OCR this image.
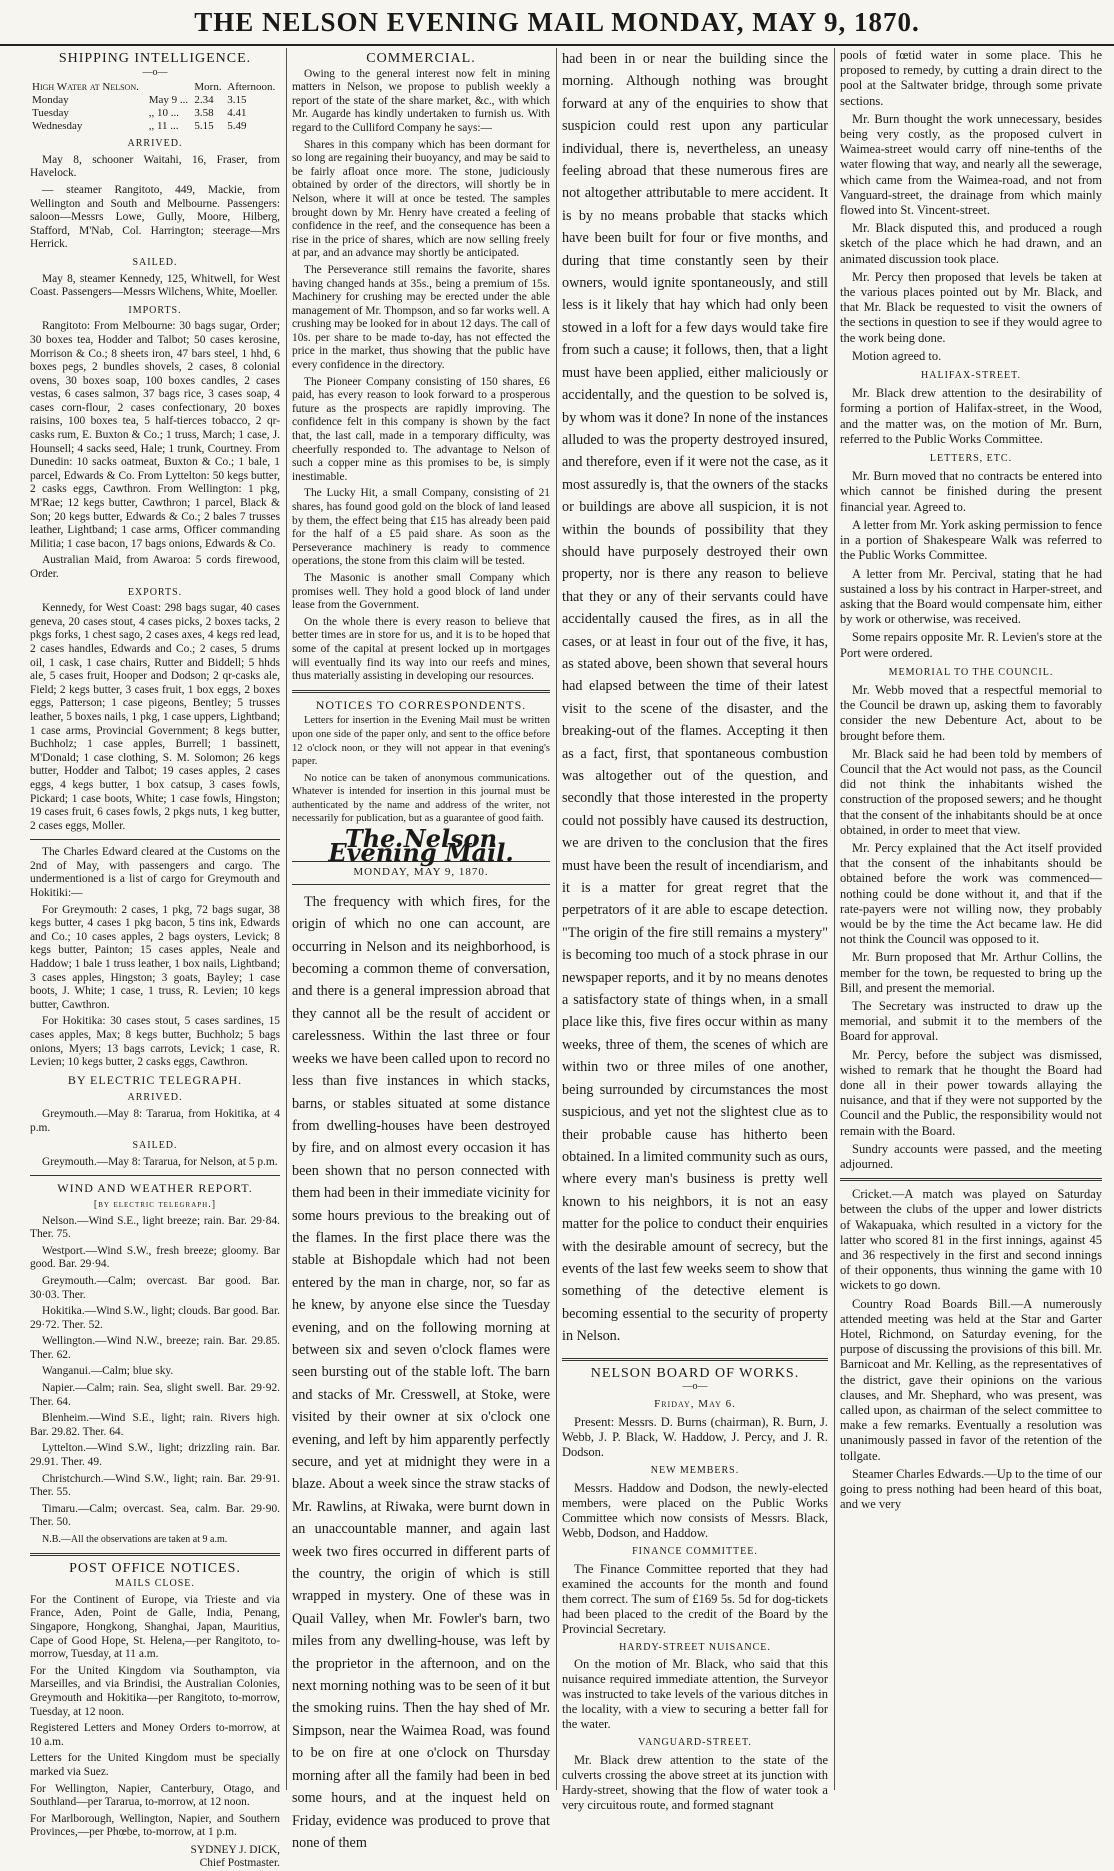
THE NELSON EVENING MAIL MONDAY, MAY 9, 1870.
SHIPPING INTELLIGENCE.
—o—
High Water at Nelson.		Morn.	Afternoon.
Monday	May 9 ...	2.34	3.15
Tuesday	,, 10 ...	3.58	4.41
Wednesday	,, 11 ...	5.15	5.49
ARRIVED.

May 8, schooner Waitahi, 16, Fraser, from Havelock.

— steamer Rangitoto, 449, Mackie, from Wellington and South and Melbourne. Passengers: saloon—Messrs Lowe, Gully, Moore, Hilberg, Stafford, M'Nab, Col. Harrington; steerage—Mrs Herrick.

SAILED.

May 8, steamer Kennedy, 125, Whitwell, for West Coast. Passengers—Messrs Wilchens, White, Moeller.

IMPORTS.

Rangitoto: From Melbourne: 30 bags sugar, Order; 30 boxes tea, Hodder and Talbot; 50 cases kerosine, Morrison & Co.; 8 sheets iron, 47 bars steel, 1 hhd, 6 boxes pegs, 2 bundles shovels, 2 cases, 8 colonial ovens, 30 boxes soap, 100 boxes candles, 2 cases vestas, 6 cases salmon, 37 bags rice, 3 cases soap, 4 cases corn-flour, 2 cases confectionary, 20 boxes raisins, 100 boxes tea, 5 half-tierces tobacco, 2 qr-casks rum, E. Buxton & Co.; 1 truss, March; 1 case, J. Hounsell; 4 sacks seed, Hale; 1 trunk, Courtney. From Dunedin: 10 sacks oatmeat, Buxton & Co.; 1 bale, 1 parcel, Edwards & Co. From Lyttelton: 50 kegs butter, 2 casks eggs, Cawthron. From Wellington: 1 pkg, M'Rae; 12 kegs butter, Cawthron; 1 parcel, Black & Son; 20 kegs butter, Edwards & Co.; 2 bales 7 trusses leather, Lightband; 1 case arms, Officer commanding Militia; 1 case bacon, 17 bags onions, Edwards & Co.

Australian Maid, from Awaroa: 5 cords firewood, Order.

EXPORTS.

Kennedy, for West Coast: 298 bags sugar, 40 cases geneva, 20 cases stout, 4 cases picks, 2 boxes tacks, 2 pkgs forks, 1 chest sago, 2 cases axes, 4 kegs red lead, 2 cases handles, Edwards and Co.; 2 cases, 5 drums oil, 1 cask, 1 case chairs, Rutter and Biddell; 5 hhds ale, 5 cases fruit, Hooper and Dodson; 2 qr-casks ale, Field; 2 kegs butter, 3 cases fruit, 1 box eggs, 2 boxes eggs, Patterson; 1 case pigeons, Bentley; 5 trusses leather, 5 boxes nails, 1 pkg, 1 case uppers, Lightband; 1 case arms, Provincial Government; 8 kegs butter, Buchholz; 1 case apples, Burrell; 1 bassinett, M'Donald; 1 case clothing, S. M. Solomon; 26 kegs butter, Hodder and Talbot; 19 cases apples, 2 cases eggs, 4 kegs butter, 1 box catsup, 3 cases fowls, Pickard; 1 case boots, White; 1 case fowls, Hingston; 19 cases fruit, 6 cases fowls, 2 pkgs nuts, 1 keg butter, 2 cases eggs, Moller.

The Charles Edward cleared at the Customs on the 2nd of May, with passengers and cargo. The undermentioned is a list of cargo for Greymouth and Hokitiki:—

For Greymouth: 2 cases, 1 pkg, 72 bags sugar, 38 kegs butter, 4 cases 1 pkg bacon, 5 tins ink, Edwards and Co.; 10 cases apples, 2 bags oysters, Levick; 8 kegs butter, Painton; 15 cases apples, Neale and Haddow; 1 bale 1 truss leather, 1 box nails, Lightband; 3 cases apples, Hingston; 3 goats, Bayley; 1 case boots, J. White; 1 case, 1 truss, R. Levien; 10 kegs butter, Cawthron.

For Hokitika: 30 cases stout, 5 cases sardines, 15 cases apples, Max; 8 kegs butter, Buchholz; 5 bags onions, Myers; 13 bags carrots, Levick; 1 case, R. Levien; 10 kegs butter, 2 casks eggs, Cawthron.

BY ELECTRIC TELEGRAPH.
ARRIVED.

Greymouth.—May 8: Tararua, from Hokitika, at 4 p.m.

SAILED.

Greymouth.—May 8: Tararua, for Nelson, at 5 p.m.

WIND AND WEATHER REPORT.
[by electric telegraph.]

Nelson.—Wind S.E., light breeze; rain. Bar. 29·84. Ther. 75.

Westport.—Wind S.W., fresh breeze; gloomy. Bar good. Bar. 29·94.

Greymouth.—Calm; overcast. Bar good. Bar. 30·03. Ther.

Hokitika.—Wind S.W., light; clouds. Bar good. Bar. 29·72. Ther. 52.

Wellington.—Wind N.W., breeze; rain. Bar. 29.85. Ther. 62.

Wanganui.—Calm; blue sky.

Napier.—Calm; rain. Sea, slight swell. Bar. 29·92. Ther. 64.

Blenheim.—Wind S.E., light; rain. Rivers high. Bar. 29.82. Ther. 64.

Lyttelton.—Wind S.W., light; drizzling rain. Bar. 29.91. Ther. 49.

Christchurch.—Wind S.W., light; rain. Bar. 29·91. Ther. 55.

Timaru.—Calm; overcast. Sea, calm. Bar. 29·90. Ther. 50.

N.B.—All the observations are taken at 9 a.m.

POST OFFICE NOTICES.
MAILS CLOSE.

For the Continent of Europe, via Trieste and via France, Aden, Point de Galle, India, Penang, Singapore, Hongkong, Shanghai, Japan, Mauritius, Cape of Good Hope, St. Helena,—per Rangitoto, to-morrow, Tuesday, at 11 a.m.

For the United Kingdom via Southampton, via Marseilles, and via Brindisi, the Australian Colonies, Greymouth and Hokitika—per Rangitoto, to-morrow, Tuesday, at 12 noon.

Registered Letters and Money Orders to-morrow, at 10 a.m.

Letters for the United Kingdom must be specially marked via Suez.

For Wellington, Napier, Canterbury, Otago, and Southland—per Tararua, to-morrow, at 12 noon.

For Marlborough, Wellington, Napier, and Southern Provinces,—per Phœbe, to-morrow, at 1 p.m.

SYDNEY J. DICK,
Chief Postmaster.
COMMERCIAL.

Owing to the general interest now felt in mining matters in Nelson, we propose to publish weekly a report of the state of the share market, &c., with which Mr. Augarde has kindly undertaken to furnish us. With regard to the Culliford Company he says:—

Shares in this company which has been dormant for so long are regaining their buoyancy, and may be said to be fairly afloat once more. The stone, judiciously obtained by order of the directors, will shortly be in Nelson, where it will at once be tested. The samples brought down by Mr. Henry have created a feeling of confidence in the reef, and the consequence has been a rise in the price of shares, which are now selling freely at par, and an advance may shortly be anticipated.

The Perseverance still remains the favorite, shares having changed hands at 35s., being a premium of 15s. Machinery for crushing may be erected under the able management of Mr. Thompson, and so far works well. A crushing may be looked for in about 12 days. The call of 10s. per share to be made to-day, has not effected the price in the market, thus showing that the public have every confidence in the directory.

The Pioneer Company consisting of 150 shares, £6 paid, has every reason to look forward to a prosperous future as the prospects are rapidly improving. The confidence felt in this company is shown by the fact that, the last call, made in a temporary difficulty, was cheerfully responded to. The advantage to Nelson of such a copper mine as this promises to be, is simply inestimable.

The Lucky Hit, a small Company, consisting of 21 shares, has found good gold on the block of land leased by them, the effect being that £15 has already been paid for the half of a £5 paid share. As soon as the Perseverance machinery is ready to commence operations, the stone from this claim will be tested.

The Masonic is another small Company which promises well. They hold a good block of land under lease from the Government.

On the whole there is every reason to believe that better times are in store for us, and it is to be hoped that some of the capital at present locked up in mortgages will eventually find its way into our reefs and mines, thus materially assisting in developing our resources.

NOTICES TO CORRESPONDENTS.

Letters for insertion in the Evening Mail must be written upon one side of the paper only, and sent to the office before 12 o'clock noon, or they will not appear in that evening's paper.

No notice can be taken of anonymous communications. Whatever is intended for insertion in this journal must be authenticated by the name and address of the writer, not necessarily for publication, but as a guarantee of good faith.

The Nelson Evening Mail.
MONDAY, MAY 9, 1870.

The frequency with which fires, for the origin of which no one can account, are occurring in Nelson and its neighborhood, is becoming a common theme of conversation, and there is a general impression abroad that they cannot all be the result of accident or carelessness. Within the last three or four weeks we have been called upon to record no less than five instances in which stacks, barns, or stables situated at some distance from dwelling-houses have been destroyed by fire, and on almost every occasion it has been shown that no person connected with them had been in their immediate vicinity for some hours previous to the breaking out of the flames. In the first place there was the stable at Bishopdale which had not been entered by the man in charge, nor, so far as he knew, by anyone else since the Tuesday evening, and on the following morning at between six and seven o'clock flames were seen bursting out of the stable loft. The barn and stacks of Mr. Cresswell, at Stoke, were visited by their owner at six o'clock one evening, and left by him apparently perfectly secure, and yet at midnight they were in a blaze. About a week since the straw stacks of Mr. Rawlins, at Riwaka, were burnt down in an unaccountable manner, and again last week two fires occurred in different parts of the country, the origin of which is still wrapped in mystery. One of these was in Quail Valley, when Mr. Fowler's barn, two miles from any dwelling-house, was left by the proprietor in the afternoon, and on the next morning nothing was to be seen of it but the smoking ruins. Then the hay shed of Mr. Simpson, near the Waimea Road, was found to be on fire at one o'clock on Thursday morning after all the family had been in bed some hours, and at the inquest held on Friday, evidence was produced to prove that none of them

had been in or near the building since the morning. Although nothing was brought forward at any of the enquiries to show that suspicion could rest upon any particular individual, there is, nevertheless, an uneasy feeling abroad that these numerous fires are not altogether attributable to mere accident. It is by no means probable that stacks which have been built for four or five months, and during that time constantly seen by their owners, would ignite spontaneously, and still less is it likely that hay which had only been stowed in a loft for a few days would take fire from such a cause; it follows, then, that a light must have been applied, either maliciously or accidentally, and the question to be solved is, by whom was it done? In none of the instances alluded to was the property destroyed insured, and therefore, even if it were not the case, as it most assuredly is, that the owners of the stacks or buildings are above all suspicion, it is not within the bounds of possibility that they should have purposely destroyed their own property, nor is there any reason to believe that they or any of their servants could have accidentally caused the fires, as in all the cases, or at least in four out of the five, it has, as stated above, been shown that several hours had elapsed between the time of their latest visit to the scene of the disaster, and the breaking-out of the flames. Accepting it then as a fact, first, that spontaneous combustion was altogether out of the question, and secondly that those interested in the property could not possibly have caused its destruction, we are driven to the conclusion that the fires must have been the result of incendiarism, and it is a matter for great regret that the perpetrators of it are able to escape detection. "The origin of the fire still remains a mystery" is becoming too much of a stock phrase in our newspaper reports, and it by no means denotes a satisfactory state of things when, in a small place like this, five fires occur within as many weeks, three of them, the scenes of which are within two or three miles of one another, being surrounded by circumstances the most suspicious, and yet not the slightest clue as to their probable cause has hitherto been obtained. In a limited community such as ours, where every man's business is pretty well known to his neighbors, it is not an easy matter for the police to conduct their enquiries with the desirable amount of secrecy, but the events of the last few weeks seem to show that something of the detective element is becoming essential to the security of property in Nelson.

NELSON BOARD OF WORKS.
—o—
Friday, May 6.

Present: Messrs. D. Burns (chairman), R. Burn, J. Webb, J. P. Black, W. Haddow, J. Percy, and J. R. Dodson.

NEW MEMBERS.

Messrs. Haddow and Dodson, the newly-elected members, were placed on the Public Works Committee which now consists of Messrs. Black, Webb, Dodson, and Haddow.

FINANCE COMMITTEE.

The Finance Committee reported that they had examined the accounts for the month and found them correct. The sum of £169 5s. 5d for dog-tickets had been placed to the credit of the Board by the Provincial Secretary.

HARDY-STREET NUISANCE.

On the motion of Mr. Black, who said that this nuisance required immediate attention, the Surveyor was instructed to take levels of the various ditches in the locality, with a view to securing a better fall for the water.

VANGUARD-STREET.

Mr. Black drew attention to the state of the culverts crossing the above street at its junction with Hardy-street, showing that the flow of water took a very circuitous route, and formed stagnant

pools of fœtid water in some place. This he proposed to remedy, by cutting a drain direct to the pool at the Saltwater bridge, through some private sections.

Mr. Burn thought the work unnecessary, besides being very costly, as the proposed culvert in Waimea-street would carry off nine-tenths of the water flowing that way, and nearly all the sewerage, which came from the Waimea-road, and not from Vanguard-street, the drainage from which mainly flowed into St. Vincent-street.

Mr. Black disputed this, and produced a rough sketch of the place which he had drawn, and an animated discussion took place.

Mr. Percy then proposed that levels be taken at the various places pointed out by Mr. Black, and that Mr. Black be requested to visit the owners of the sections in question to see if they would agree to the work being done.

Motion agreed to.

HALIFAX-STREET.

Mr. Black drew attention to the desirability of forming a portion of Halifax-street, in the Wood, and the matter was, on the motion of Mr. Burn, referred to the Public Works Committee.

LETTERS, ETC.

Mr. Burn moved that no contracts be entered into which cannot be finished during the present financial year. Agreed to.

A letter from Mr. York asking permission to fence in a portion of Shakespeare Walk was referred to the Public Works Committee.

A letter from Mr. Percival, stating that he had sustained a loss by his contract in Harper-street, and asking that the Board would compensate him, either by work or otherwise, was received.

Some repairs opposite Mr. R. Levien's store at the Port were ordered.

MEMORIAL TO THE COUNCIL.

Mr. Webb moved that a respectful memorial to the Council be drawn up, asking them to favorably consider the new Debenture Act, about to be brought before them.

Mr. Black said he had been told by members of Council that the Act would not pass, as the Council did not think the inhabitants wished the construction of the proposed sewers; and he thought that the consent of the inhabitants should be at once obtained, in order to meet that view.

Mr. Percy explained that the Act itself provided that the consent of the inhabitants should be obtained before the work was commenced—nothing could be done without it, and that if the rate-payers were not willing now, they probably would be by the time the Act became law. He did not think the Council was opposed to it.

Mr. Burn proposed that Mr. Arthur Collins, the member for the town, be requested to bring up the Bill, and present the memorial.

The Secretary was instructed to draw up the memorial, and submit it to the members of the Board for approval.

Mr. Percy, before the subject was dismissed, wished to remark that he thought the Board had done all in their power towards allaying the nuisance, and that if they were not supported by the Council and the Public, the responsibility would not remain with the Board.

Sundry accounts were passed, and the meeting adjourned.

Cricket.—A match was played on Saturday between the clubs of the upper and lower districts of Wakapuaka, which resulted in a victory for the latter who scored 81 in the first innings, against 45 and 36 respectively in the first and second innings of their opponents, thus winning the game with 10 wickets to go down.

Country Road Boards Bill.—A numerously attended meeting was held at the Star and Garter Hotel, Richmond, on Saturday evening, for the purpose of discussing the provisions of this bill. Mr. Barnicoat and Mr. Kelling, as the representatives of the district, gave their opinions on the various clauses, and Mr. Shephard, who was present, was called upon, as chairman of the select committee to make a few remarks. Eventually a resolution was unanimously passed in favor of the retention of the tollgate.

Steamer Charles Edwards.—Up to the time of our going to press nothing had been heard of this boat, and we very
